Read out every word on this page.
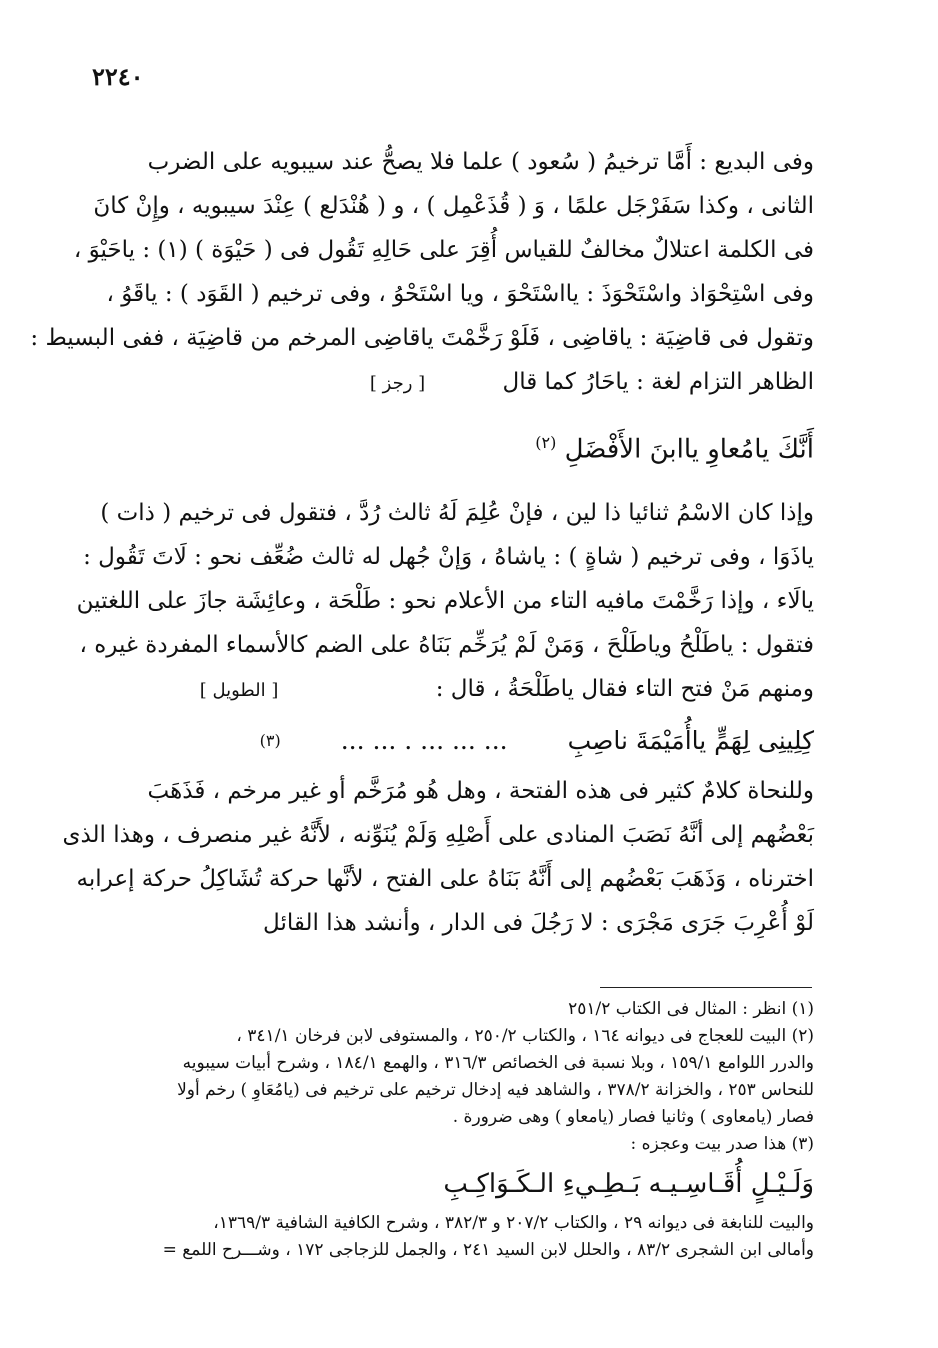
٢٢٤٠

وفى البديع : أَمَّا ترخيمُ ( سُعود ) علما فلا يصحُّ عند سيبويه على الضرب
الثانى ، وكذا سَفَرْجَل علمًا ، وَ ( قُذَعْمِل ) ، و ( هُنْدَلع ) عِنْدَ سيبويه ، وإِنْ كانَ
فى الكلمة اعتلالٌ مخالفٌ للقياس أُقِرَ على حَالِهِ تَقُول فى ( حَيْوَة ) (١) : ياحَيْوَ ،
وفى اسْتِحْوَاذ واسْتَحْوَذَ : يااسْتَحْوَ ، ويا اسْتَحْوُ ، وفى ترخيم ( القَوَد ) : ياقَوُ ،
وتقول فى قاضِيَة : ياقاضِى ، فَلَوْ رَخَّمْتَ ياقاضِى المرخم من قاضِيَة ، ففى البسيط :
الظاهر التزام لغة : ياحَارُ كما قال [ رجز ]

أَنَّكَ يامُعاوِ ياابنَ الأَفْضَلِ $^{(٢)}$

وإذا كان الاسْمُ ثنائيا ذا لين ، فإنْ عُلِمَ لَهُ ثالث رُدَّ ، فتقول فى ترخيم ( ذات )
ياذَوَا ، وفى ترخيم ( شاةٍ ) : ياشاهُ ، وَإنْ جُهل له ثالث ضُعِّف نحو : لَاتَ تَقُول :
يالَاء ، وإذا رَخَّمْتَ مافيه التاء من الأعلام نحو : طَلْحَة ، وعائِشَة جازَ على اللغتين
فتقول : ياطَلْحُ وياطَلْحَ ، وَمَنْ لَمْ يُرَخِّم بَنَاهُ على الضم كالأسماء المفردة غيره ،
ومنهم مَنْ فتح التاء فقال ياطَلْحَةُ ، قال : [ الطويل ]

كِلِينِى لِهَمٍّ ياأُمَيْمَةَ ناصِبِ
... ... ... . ... ...
(٣)

وللنحاة كلامٌ كثير فى هذه الفتحة ، وهل هُو مُرَخَّم أو غير مرخم ، فَذَهَبَ
بَعْضُهم إلى أنَّهُ نَصَبَ المنادى على أَصْلِهِ وَلَمْ يُنَوِّنه ، لأَنَّهُ غير منصرف ، وهذا الذى
اخترناه ، وَذَهَبَ بَعْضُهم إلى أَنَّهُ بَنَاهُ على الفتح ، لأنَّها حركة تُشَاكِلُ حركة إعرابه
لَوْ أُعْرِبَ جَرَى مَجْرَى : لا رَجُلَ فى الدار ، وأنشد هذا القائل

(١) انظر : المثال فى الكتاب ٢٥١/٢
(٢) البيت للعجاج فى ديوانه ١٦٤ ، والكتاب ٢٥٠/٢ ، والمستوفى لابن فرخان ٣٤١/١ ،
والدرر اللوامع ١٥٩/١ ، وبلا نسبة فى الخصائص ٣١٦/٣ ، والهمع ١٨٤/١ ، وشرح أبيات سيبويه
للنحاس ٢٥٣ ، والخزانة ٣٧٨/٢ ، والشاهد فيه إدخال ترخيم على ترخيم فى (يامُعَاوِ ) رخم أولا
فصار (يامعاوى ) وثانيا فصار (يامعاو ) وهى ضرورة .
(٣) هذا صدر بيت وعجزه :
وَلَـيْـلٍ أُقَـاسِـيـه بَـطِـيءِ الـكَـوَاكِـبِ
والبيت للنابغة فى ديوانه ٢٩ ، والكتاب ٢٠٧/٢ و ٣٨٢/٣ ، وشرح الكافية الشافية ١٣٦٩/٣،
وأمالى ابن الشجرى ٨٣/٢ ، والحلل لابن السيد ٢٤١ ، والجمل للزجاجى ١٧٢ ، وشـــرح اللمع =
